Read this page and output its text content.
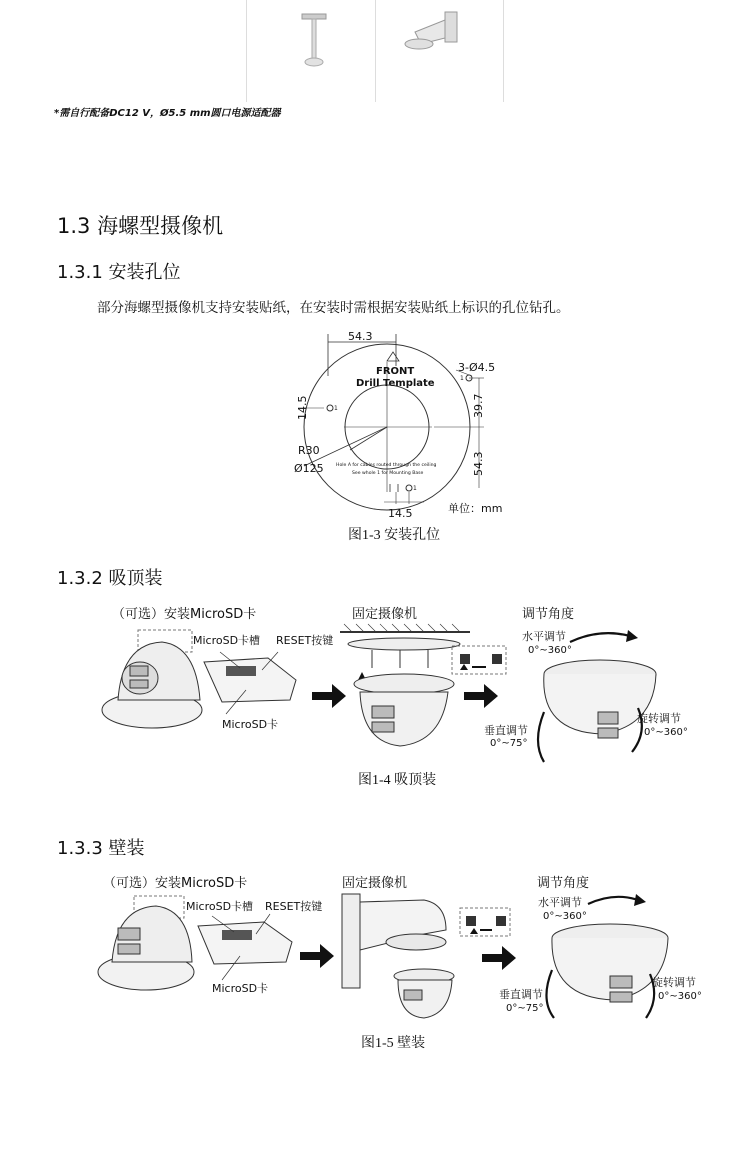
*需自行配备DC12 V，Ø5.5 mm圆口电源适配器
1.3 海螺型摄像机
1.3.1 安装孔位
部分海螺型摄像机支持安装贴纸，在安装时需根据安装贴纸上标识的孔位钻孔。
54.3
FRONT
Drill Template
1
1
1
3-Ø4.5
14.5	39.7
54.3
R30
Ø125	Hole A for cables routed through the ceiling
See whole 1 for Mounting Base
14.5	单位：mm
图1-3 安装孔位
1.3.2 吸顶装
（可选）安装MicroSD卡	固定摄像机	调节角度
MicroSD卡槽 RESET按键
MicroSD卡
水平调节
0°~360°
垂直调节
0°~75°
旋转调节
0°~360°
图1-4 吸顶装
1.3.3 壁装
（可选）安装MicroSD卡	固定摄像机	调节角度
MicroSD卡槽 RESET按键
MicroSD卡
水平调节
0°~360°
垂直调节
0°~75°
旋转调节
0°~360°
图1-5 壁装
